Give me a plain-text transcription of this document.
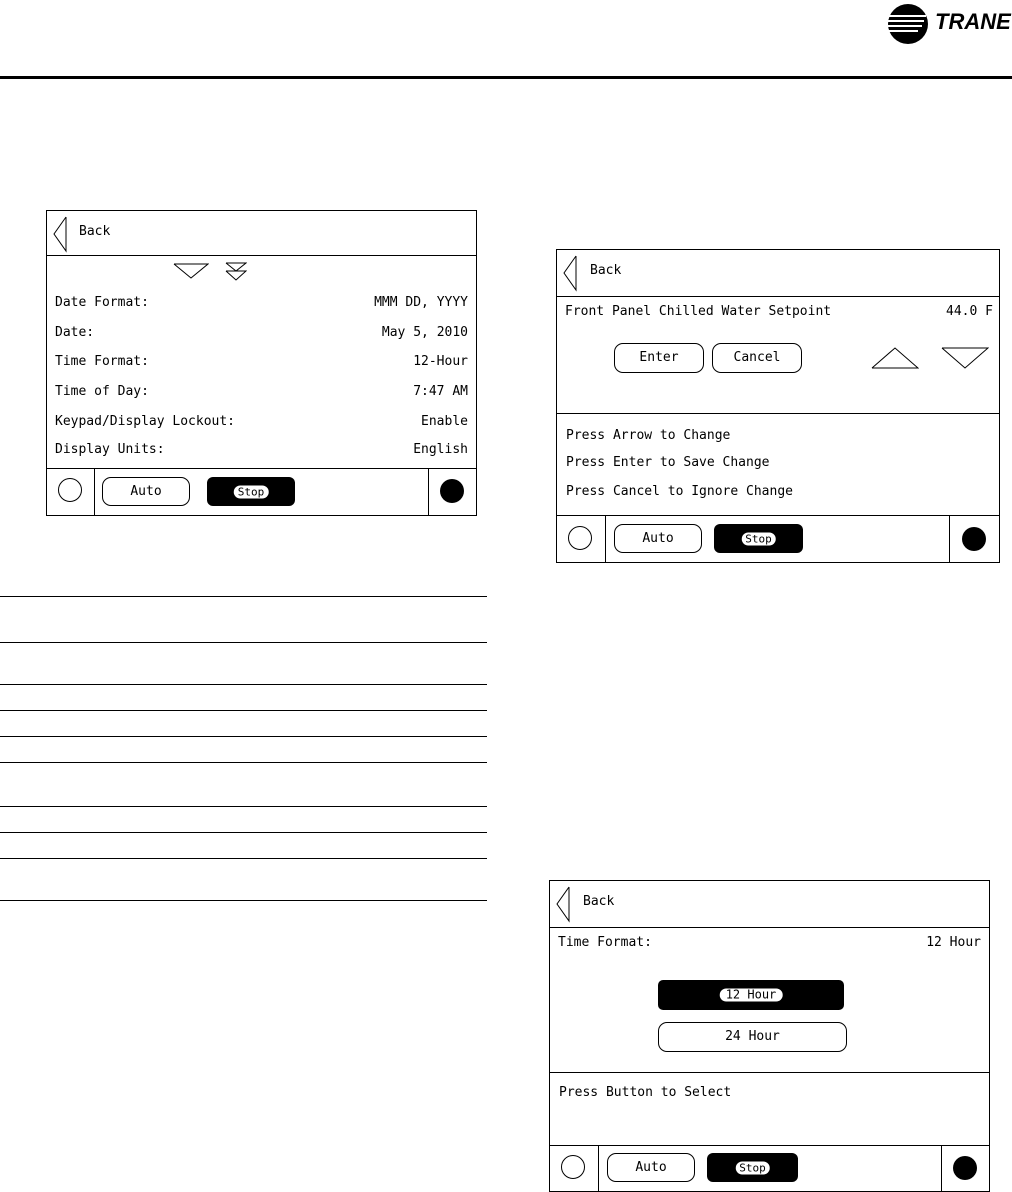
TRANE
Back
Date Format:	MMM DD, YYYY
Date:	May 5, 2010
Time Format:	12-Hour
Time of Day:	7:47 AM
Keypad/Display Lockout:	Enable
Display Units:	English
Auto	Stop
Back
Front Panel Chilled Water Setpoint	44.0 F
Enter	Cancel
Press Arrow to Change
Press Enter to Save Change
Press Cancel to Ignore Change
Auto	Stop
Back
Time Format:	12 Hour
12 Hour
24 Hour
Press Button to Select
Auto	Stop
